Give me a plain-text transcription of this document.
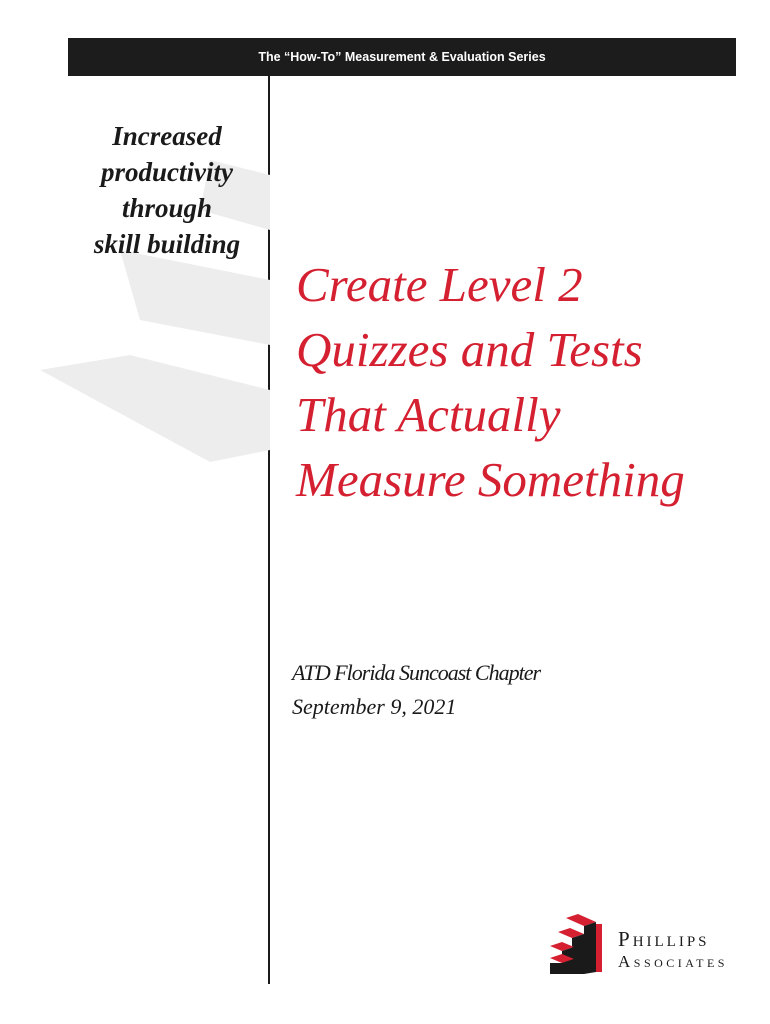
The “How-To” Measurement & Evaluation Series
Increased
productivity
through
skill building
Create Level 2
Quizzes and Tests
That Actually
Measure Something
ATD Florida Suncoast Chapter
September 9, 2021
PHILLIPS
ASSOCIATES
